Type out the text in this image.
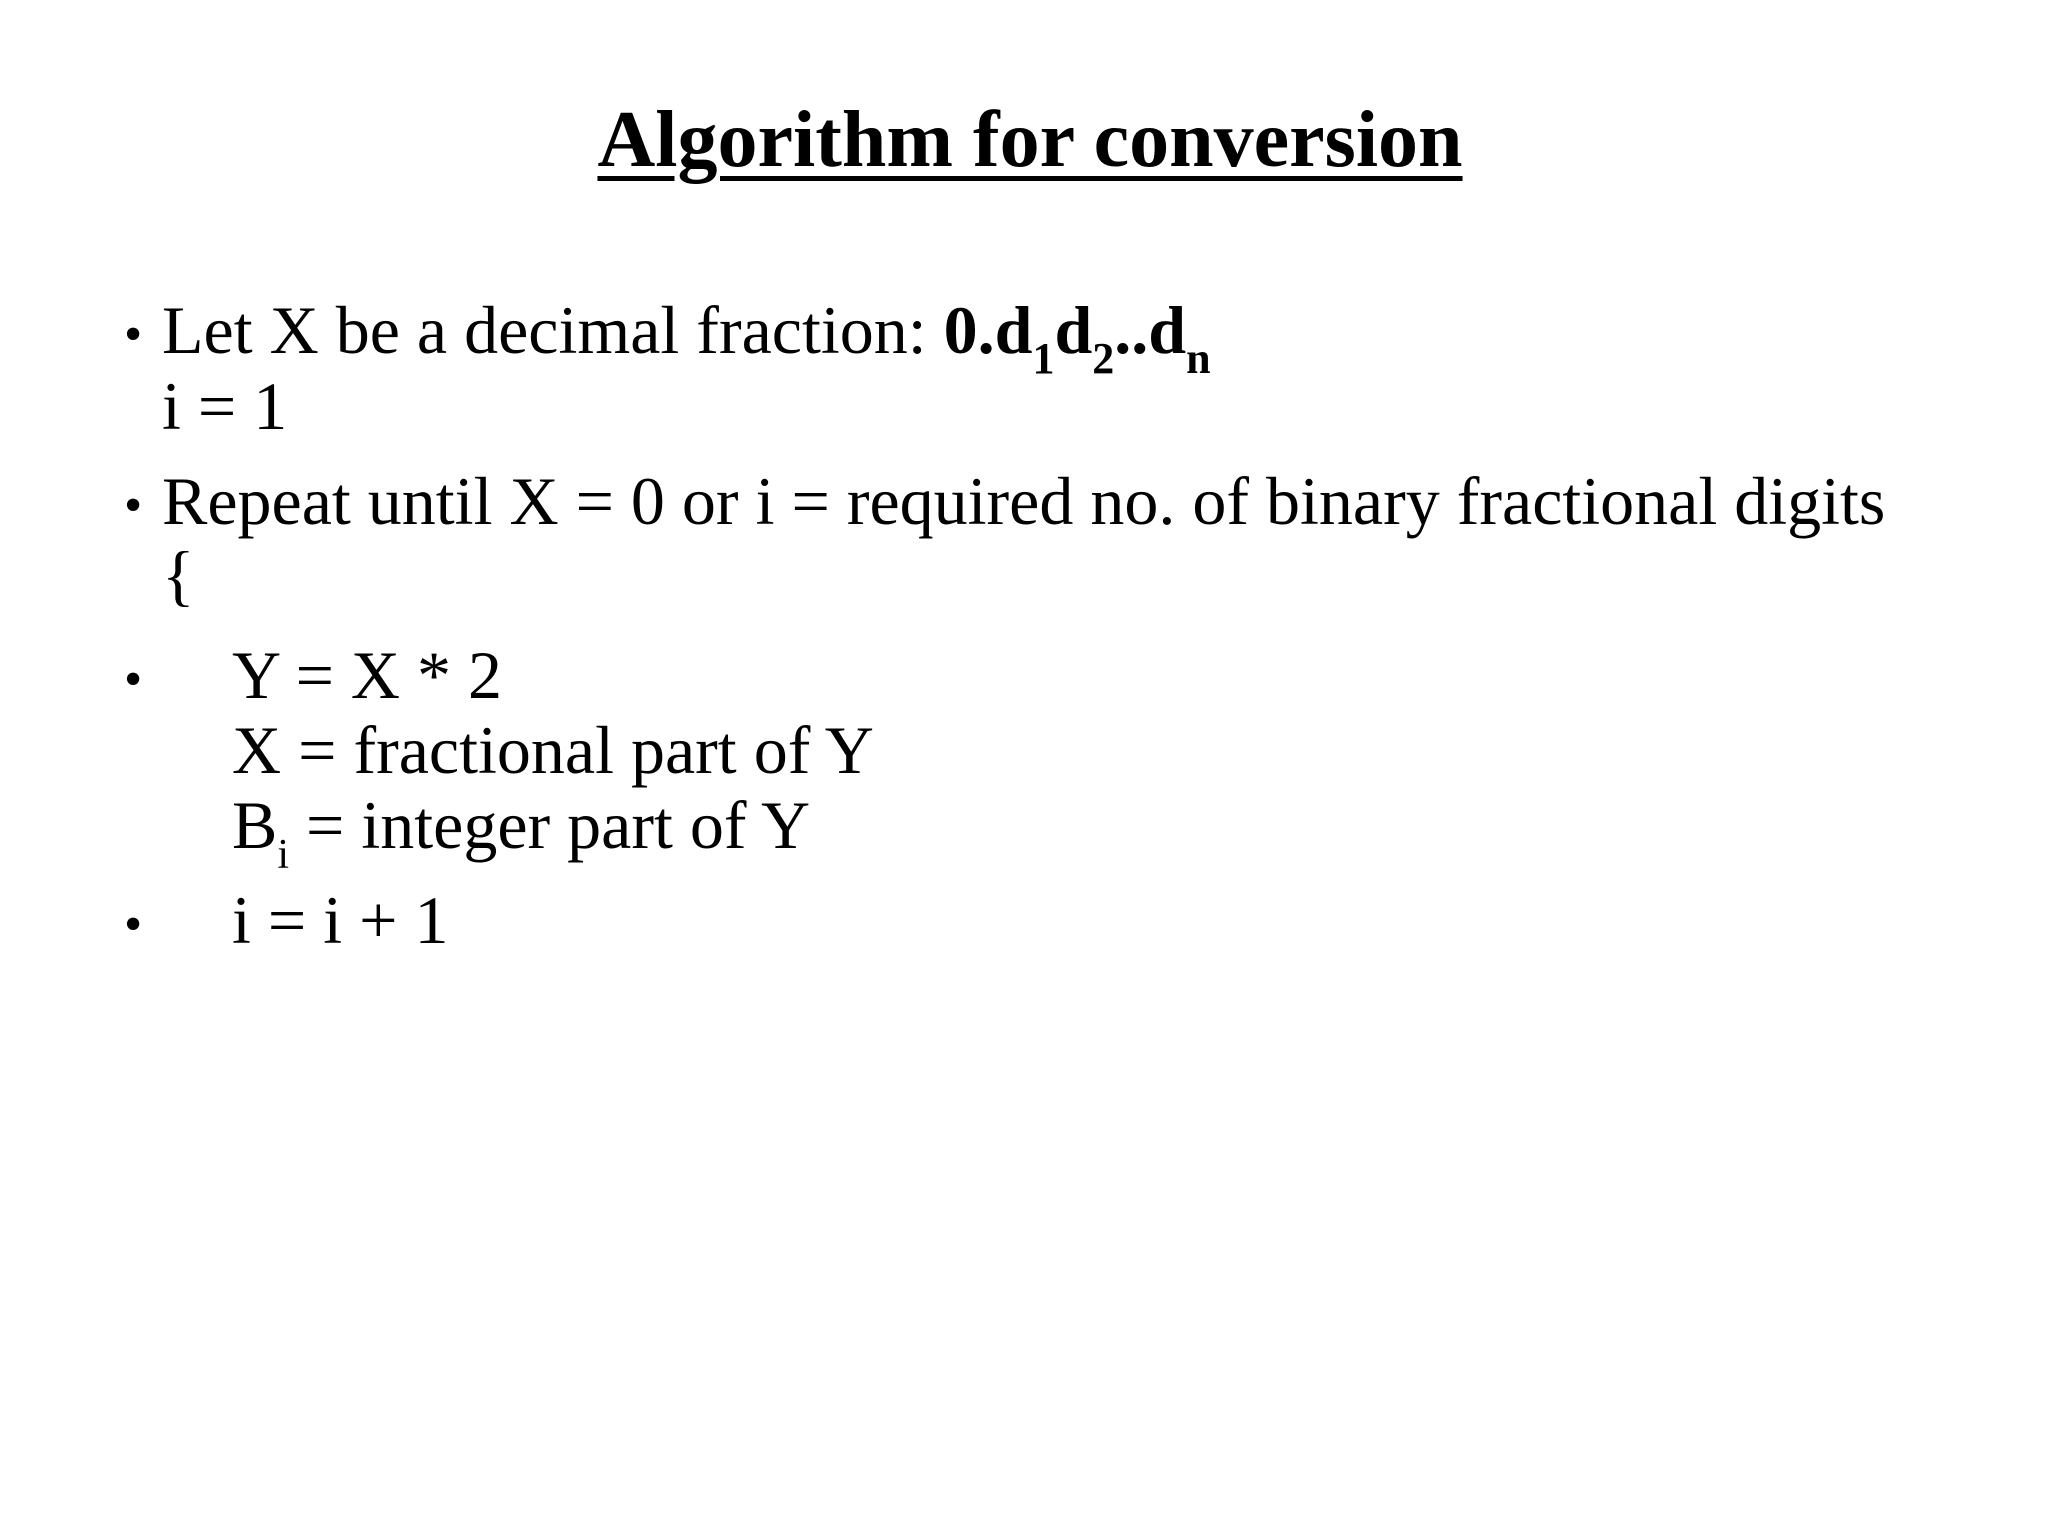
Algorithm for conversion
• Let X be a decimal fraction: $0.d_1d_2..d_n$
i = 1
• Repeat until X = 0 or i = required no. of binary fractional digits
{
• Y = X * 2
X = fractional part of Y
$B_i$ = integer part of Y
• i = i + 1
